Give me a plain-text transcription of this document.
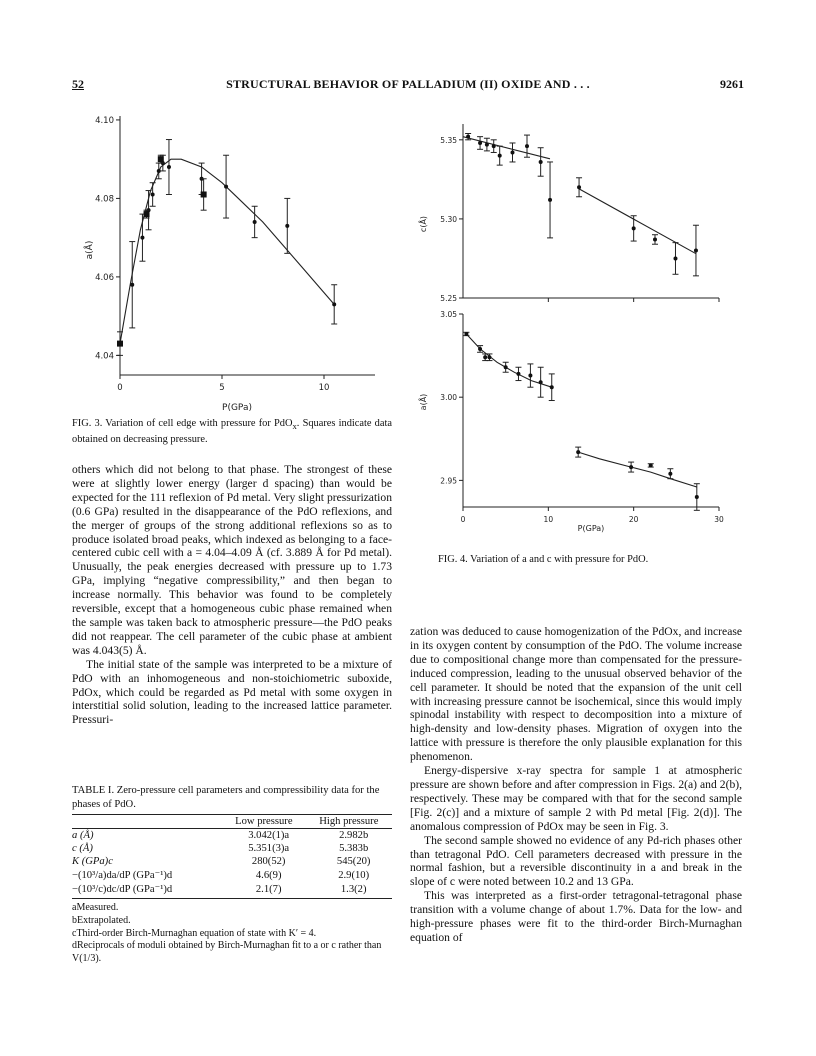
52	STRUCTURAL BEHAVIOR OF PALLADIUM (II) OXIDE AND . . .	9261
a(Å)
P(GPa)
4.04
4.06
4.08
4.10
0	5	10
FIG. 3. Variation of cell edge with pressure for PdO$_x$. Squares indicate data obtained on decreasing pressure.
c(Å)
a(Å)
P(GPa)
5.25
5.30
5.35
2.95
3.00
3.05
0	10	20	30
FIG. 4. Variation of a and c with pressure for PdO.

others which did not belong to that phase. The strongest of these were at slightly lower energy (larger d spacing) than would be expected for the 111 reflexion of Pd metal. Very slight pressurization (0.6 GPa) resulted in the disappearance of the PdO reflexions, and the merger of groups of the strong additional reflexions so as to produce isolated broad peaks, which indexed as belonging to a face-centered cubic cell with a = 4.04–4.09 Å (cf. 3.889 Å for Pd metal). Unusually, the peak energies decreased with pressure up to 1.73 GPa, implying “negative compressibility,” and then began to increase normally. This behavior was found to be completely reversible, except that a homogeneous cubic phase remained when the sample was taken back to atmospheric pressure—the PdO peaks did not reappear. The cell parameter of the cubic phase at ambient was 4.043(5) Å.

The initial state of the sample was interpreted to be a mixture of PdO with an inhomogeneous and non-stoichiometric suboxide, PdOx, which could be regarded as Pd metal with some oxygen in interstitial solid solution, leading to the increased lattice parameter. Pressuri-

TABLE I. Zero-pressure cell parameters and compressibility data for the phases of PdO.
	Low pressure	High pressure
a (Å)	3.042(1)a	2.982b
c (Å)	5.351(3)a	5.383b
K (GPa)c	280(52)	545(20)
−(10³/a)da/dP (GPa⁻¹)d	4.6(9)	2.9(10)
−(10³/c)dc/dP (GPa⁻¹)d	2.1(7)	1.3(2)
aMeasured.
bExtrapolated.
cThird-order Birch-Murnaghan equation of state with K′ = 4.
dReciprocals of moduli obtained by Birch-Murnaghan fit to a or c rather than V(1/3).

zation was deduced to cause homogenization of the PdOx, and increase in its oxygen content by consumption of the PdO. The volume increase due to compositional change more than compensated for the pressure-induced compression, leading to the unusual observed behavior of the cell parameter. It should be noted that the expansion of the unit cell with increasing pressure cannot be isochemical, since this would imply spinodal instability with respect to decomposition into a mixture of high-density and low-density phases. Migration of oxygen into the lattice with pressure is therefore the only plausible explanation for this phenomenon.

Energy-dispersive x-ray spectra for sample 1 at atmospheric pressure are shown before and after compression in Figs. 2(a) and 2(b), respectively. These may be compared with that for the second sample [Fig. 2(c)] and a mixture of sample 2 with Pd metal [Fig. 2(d)]. The anomalous compression of PdOx may be seen in Fig. 3.

The second sample showed no evidence of any Pd-rich phases other than tetragonal PdO. Cell parameters decreased with pressure in the normal fashion, but a reversible discontinuity in a and break in the slope of c were noted between 10.2 and 13 GPa.

This was interpreted as a first-order tetragonal-tetragonal phase transition with a volume change of about 1.7%. Data for the low- and high-pressure phases were fit to the third-order Birch-Murnaghan equation of
